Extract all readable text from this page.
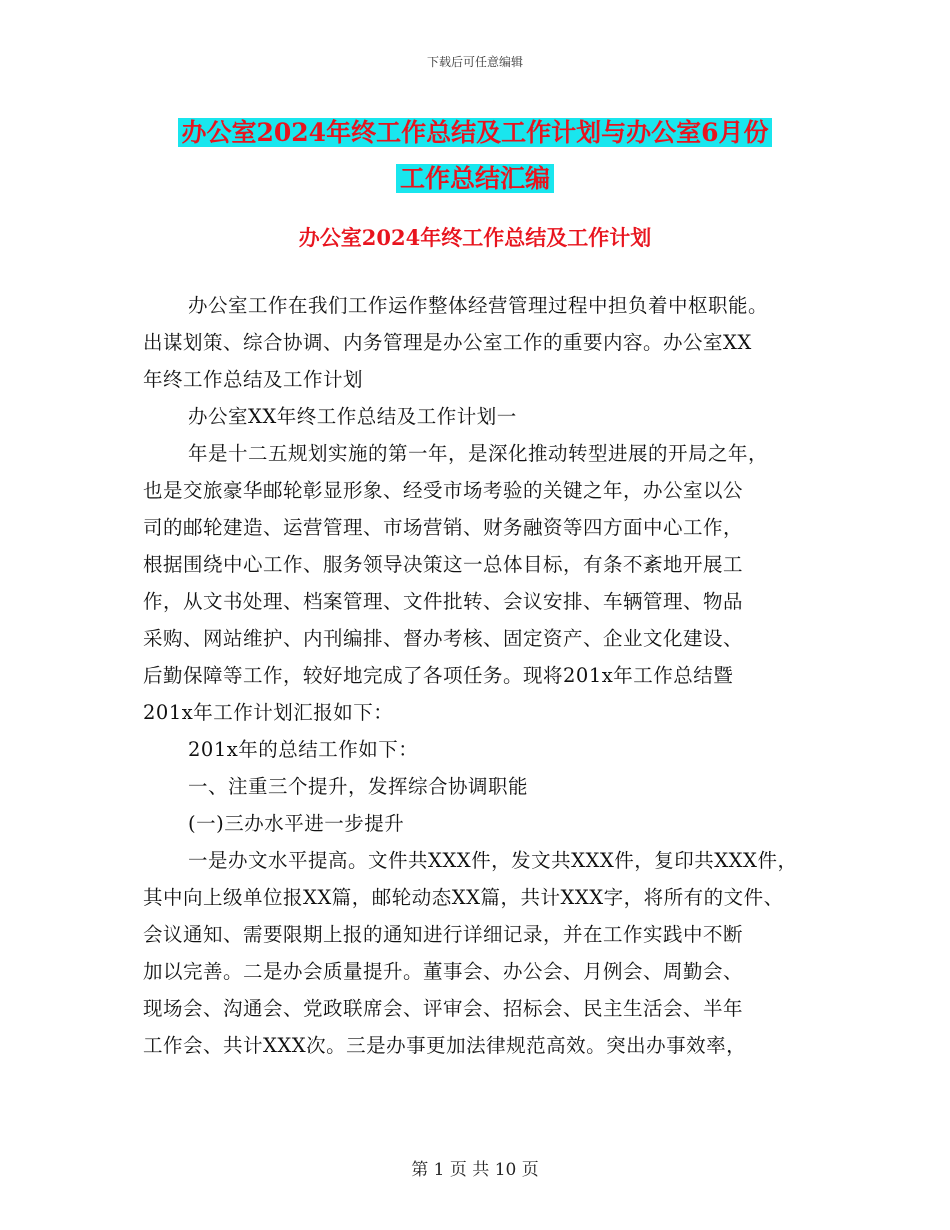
下载后可任意编辑
办公室2024年终工作总结及工作计划与办公室6月份
工作总结汇编
办公室2024年终工作总结及工作计划

办公室工作在我们工作运作整体经营管理过程中担负着中枢职能。

出谋划策、综合协调、内务管理是办公室工作的重要内容。办公室XX

年终工作总结及工作计划

办公室XX年终工作总结及工作计划一

年是十二五规划实施的第一年，是深化推动转型进展的开局之年，

也是交旅豪华邮轮彰显形象、经受市场考验的关键之年，办公室以公

司的邮轮建造、运营管理、市场营销、财务融资等四方面中心工作，

根据围绕中心工作、服务领导决策这一总体目标，有条不紊地开展工

作，从文书处理、档案管理、文件批转、会议安排、车辆管理、物品

采购、网站维护、内刊编排、督办考核、固定资产、企业文化建设、

后勤保障等工作，较好地完成了各项任务。现将201x年工作总结暨

201x年工作计划汇报如下：

201x年的总结工作如下：

一、注重三个提升，发挥综合协调职能

(一)三办水平进一步提升

一是办文水平提高。文件共XXX件，发文共XXX件，复印共XXX件，

其中向上级单位报XX篇，邮轮动态XX篇，共计XXX字，将所有的文件、

会议通知、需要限期上报的通知进行详细记录，并在工作实践中不断

加以完善。二是办会质量提升。董事会、办公会、月例会、周勤会、

现场会、沟通会、党政联席会、评审会、招标会、民主生活会、半年

工作会、共计XXX次。三是办事更加法律规范高效。突出办事效率，

第 1 页 共 10 页
